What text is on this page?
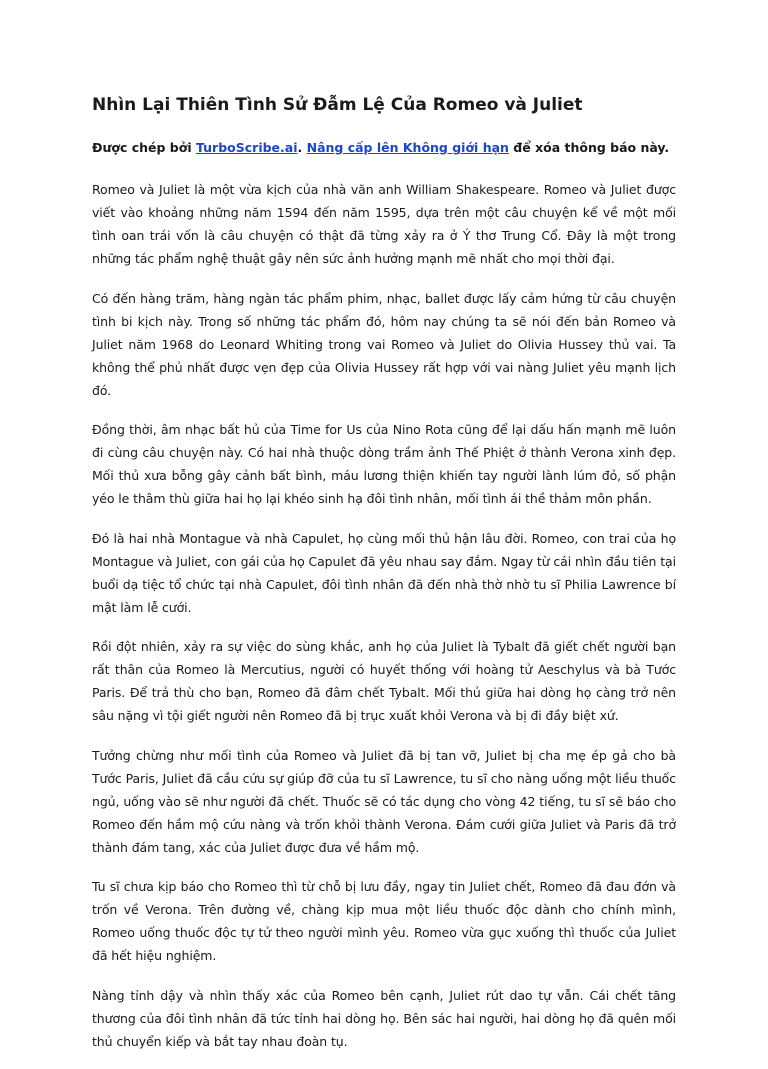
Nhìn Lại Thiên Tình Sử Đẫm Lệ Của Romeo và Juliet
Được chép bởi TurboScribe.ai. Nâng cấp lên Không giới hạn để xóa thông báo này.

Romeo và Juliet là một vừa kịch của nhà văn anh William Shakespeare. Romeo và Juliet được viết vào khoảng những năm 1594 đến năm 1595, dựa trên một câu chuyện kể về một mối tình oan trái vốn là câu chuyện có thật đã từng xảy ra ở Ý thơ Trung Cổ. Đây là một trong những tác phẩm nghệ thuật gây nên sức ảnh hưởng mạnh mẽ nhất cho mọi thời đại.

Có đến hàng trăm, hàng ngàn tác phẩm phim, nhạc, ballet được lấy cảm hứng từ câu chuyện tình bi kịch này. Trong số những tác phẩm đó, hôm nay chúng ta sẽ nói đến bản Romeo và Juliet năm 1968 do Leonard Whiting trong vai Romeo và Juliet do Olivia Hussey thủ vai. Ta không thể phủ nhất được vẹn đẹp của Olivia Hussey rất hợp với vai nàng Juliet yêu mạnh lịch đó.

Đồng thời, âm nhạc bất hủ của Time for Us của Nino Rota cũng để lại dấu hấn mạnh mẽ luôn đi cùng câu chuyện này. Có hai nhà thuộc dòng trầm ảnh Thế Phiệt ở thành Verona xinh đẹp. Mối thủ xưa bỗng gây cảnh bất bình, máu lương thiện khiến tay người lành lúm đỏ, số phận yéo le thâm thù giữa hai họ lại khéo sinh hạ đôi tình nhân, mối tình ái thề thảm môn phần.

Đó là hai nhà Montague và nhà Capulet, họ cùng mối thủ hận lâu đời. Romeo, con trai của họ Montague và Juliet, con gái của họ Capulet đã yêu nhau say đắm. Ngay từ cái nhìn đầu tiên tại buổi dạ tiệc tổ chức tại nhà Capulet, đôi tình nhân đã đến nhà thờ nhờ tu sĩ Philia Lawrence bí mật làm lễ cưới.

Rồi đột nhiên, xảy ra sự việc do sùng khắc, anh họ của Juliet là Tybalt đã giết chết người bạn rất thân của Romeo là Mercutius, người có huyết thống với hoàng tử Aeschylus và bà Tước Paris. Để trả thù cho bạn, Romeo đã đâm chết Tybalt. Mối thủ giữa hai dòng họ càng trở nên sâu nặng vì tội giết người nên Romeo đã bị trục xuất khỏi Verona và bị đi đầy biệt xứ.

Tưởng chừng như mối tình của Romeo và Juliet đã bị tan vỡ, Juliet bị cha mẹ ép gả cho bà Tước Paris, Juliet đã cầu cứu sự giúp đỡ của tu sĩ Lawrence, tu sĩ cho nàng uống một liều thuốc ngủ, uống vào sẽ như người đã chết. Thuốc sẽ có tác dụng cho vòng 42 tiếng, tu sĩ sẽ báo cho Romeo đến hầm mộ cứu nàng và trốn khỏi thành Verona. Đám cưới giữa Juliet và Paris đã trở thành đám tang, xác của Juliet được đưa về hầm mộ.

Tu sĩ chưa kịp báo cho Romeo thì từ chỗ bị lưu đầy, ngay tin Juliet chết, Romeo đã đau đớn và trốn về Verona. Trên đường về, chàng kịp mua một liều thuốc độc dành cho chính mình, Romeo uống thuốc độc tự tử theo người mình yêu. Romeo vừa gục xuống thì thuốc của Juliet đã hết hiệu nghiệm.

Nàng tỉnh dậy và nhìn thấy xác của Romeo bên cạnh, Juliet rút dao tự vẫn. Cái chết tăng thương của đôi tình nhân đã tức tỉnh hai dòng họ. Bên sác hai người, hai dòng họ đã quên mối thủ chuyển kiếp và bắt tay nhau đoàn tụ.
